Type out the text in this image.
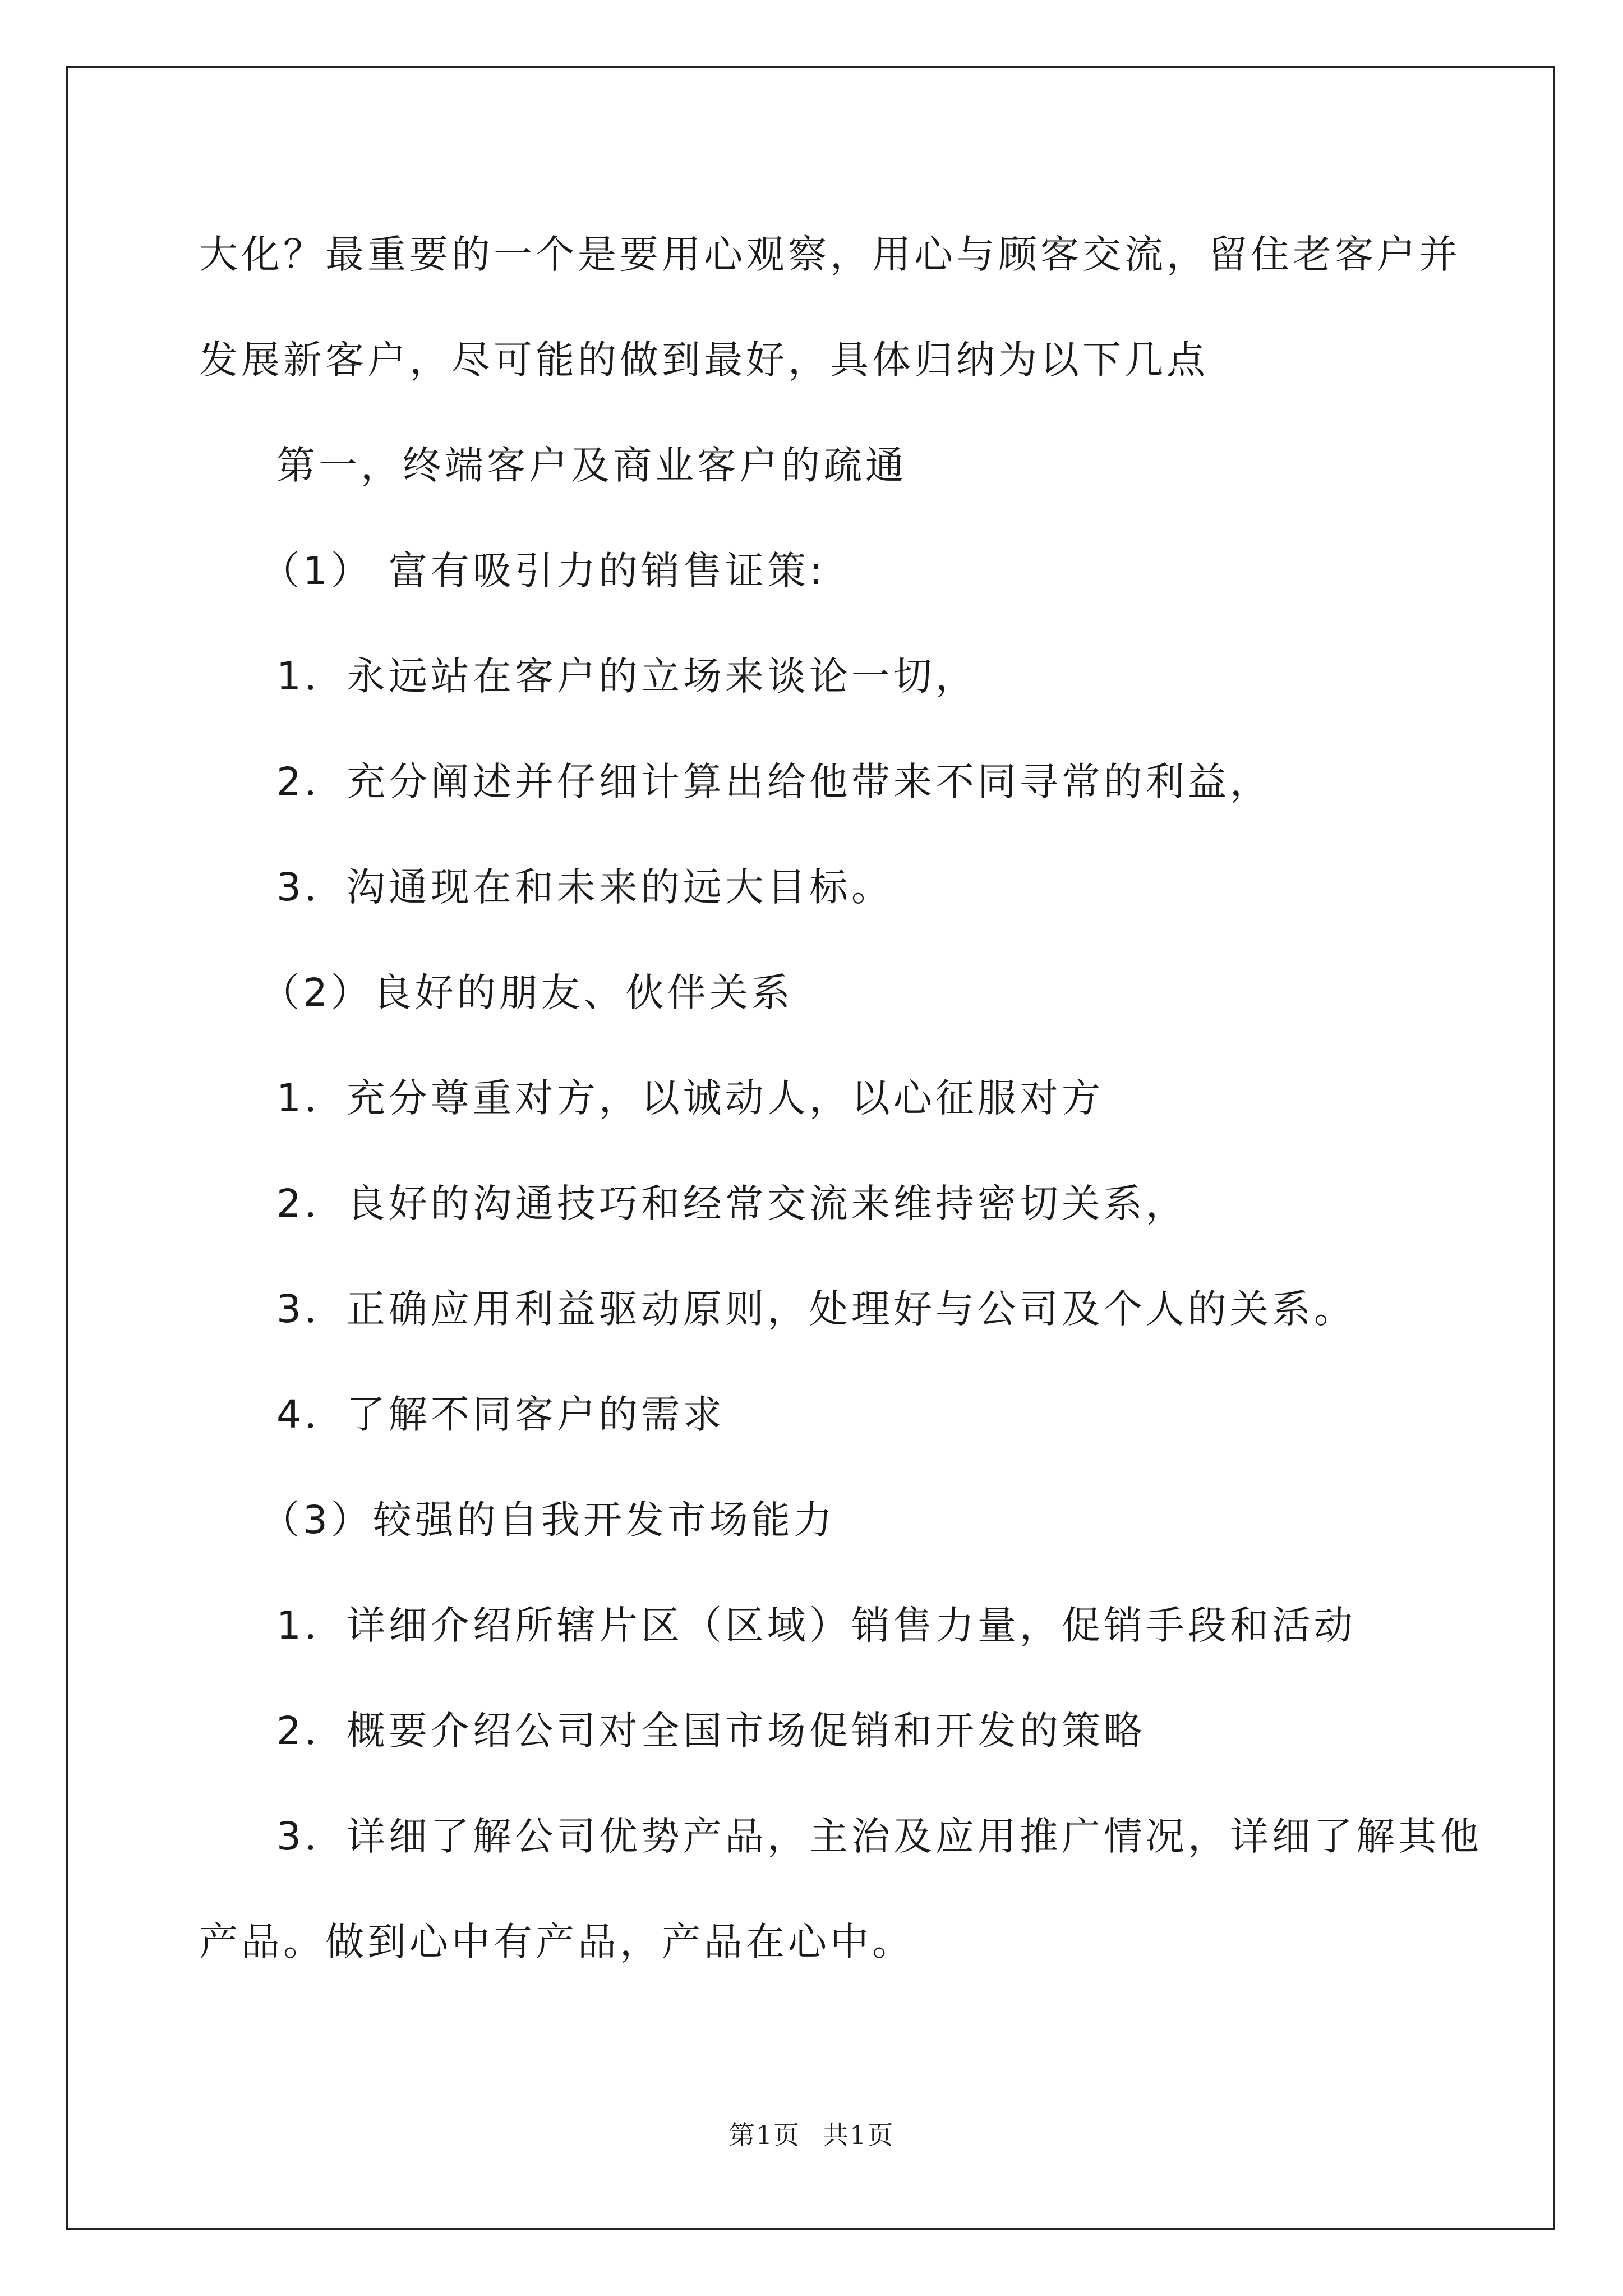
大化？最重要的一个是要用心观察，用心与顾客交流，留住老客户并

发展新客户，尽可能的做到最好，具体归纳为以下几点

第一，终端客户及商业客户的疏通

（1） 富有吸引力的销售证策:

1．永远站在客户的立场来谈论一切，

2．充分阐述并仔细计算出给他带来不同寻常的利益，

3．沟通现在和未来的远大目标。

（2）良好的朋友、伙伴关系

1．充分尊重对方，以诚动人，以心征服对方

2．良好的沟通技巧和经常交流来维持密切关系，

3．正确应用利益驱动原则，处理好与公司及个人的关系。

4．了解不同客户的需求

（3）较强的自我开发市场能力

1．详细介绍所辖片区（区域）销售力量，促销手段和活动

2．概要介绍公司对全国市场促销和开发的策略

3．详细了解公司优势产品，主治及应用推广情况，详细了解其他

产品。做到心中有产品，产品在心中。

第1页 共1页
